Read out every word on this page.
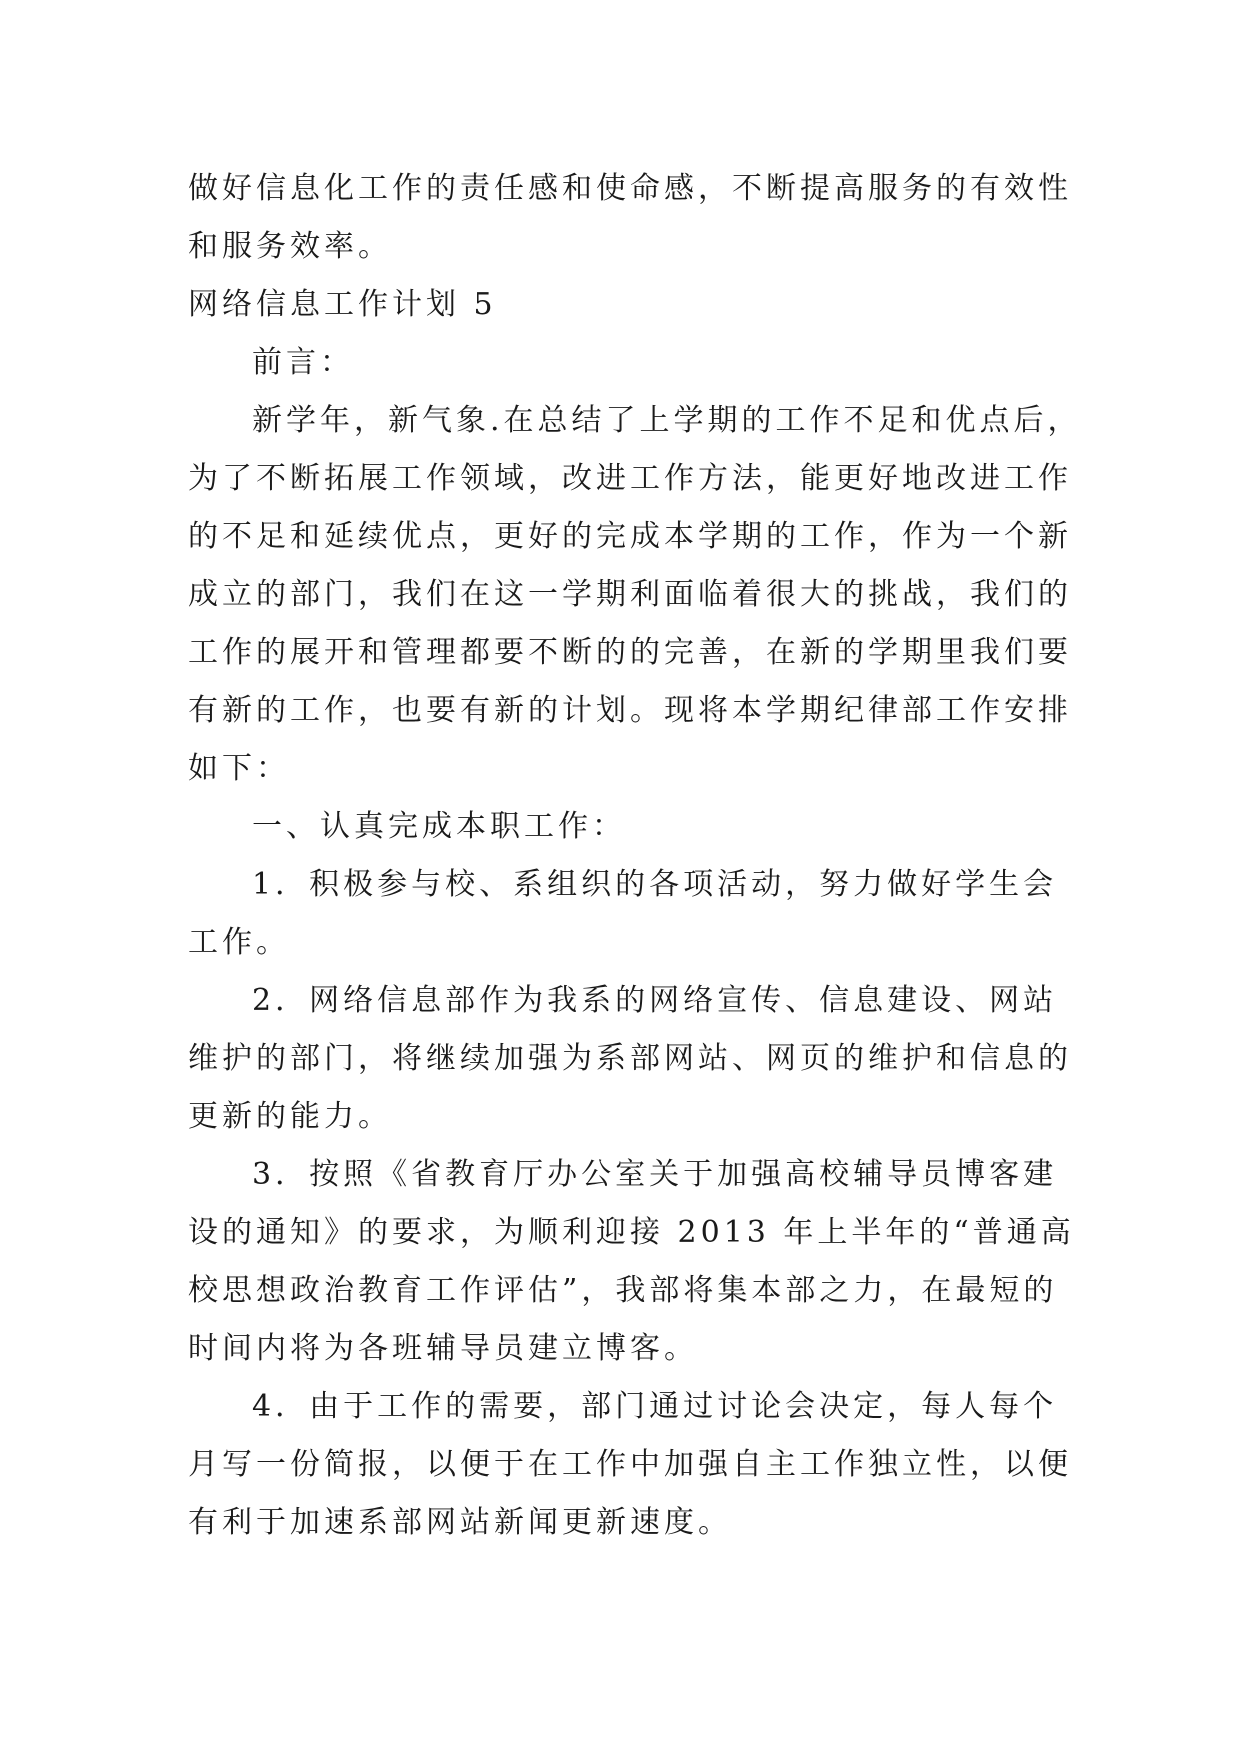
做好信息化工作的责任感和使命感，不断提高服务的有效性
和服务效率。
网络信息工作计划 5
前言：
新学年，新气象.在总结了上学期的工作不足和优点后，
为了不断拓展工作领域，改进工作方法，能更好地改进工作
的不足和延续优点，更好的完成本学期的工作，作为一个新
成立的部门，我们在这一学期利面临着很大的挑战，我们的
工作的展开和管理都要不断的的完善，在新的学期里我们要
有新的工作，也要有新的计划。现将本学期纪律部工作安排
如下：
一、认真完成本职工作：
1．积极参与校、系组织的各项活动，努力做好学生会
工作。
2．网络信息部作为我系的网络宣传、信息建设、网站
维护的部门，将继续加强为系部网站、网页的维护和信息的
更新的能力。
3．按照《省教育厅办公室关于加强高校辅导员博客建
设的通知》的要求，为顺利迎接 2013 年上半年的“普通高
校思想政治教育工作评估”，我部将集本部之力，在最短的
时间内将为各班辅导员建立博客。
4．由于工作的需要，部门通过讨论会决定，每人每个
月写一份简报，以便于在工作中加强自主工作独立性，以便
有利于加速系部网站新闻更新速度。
